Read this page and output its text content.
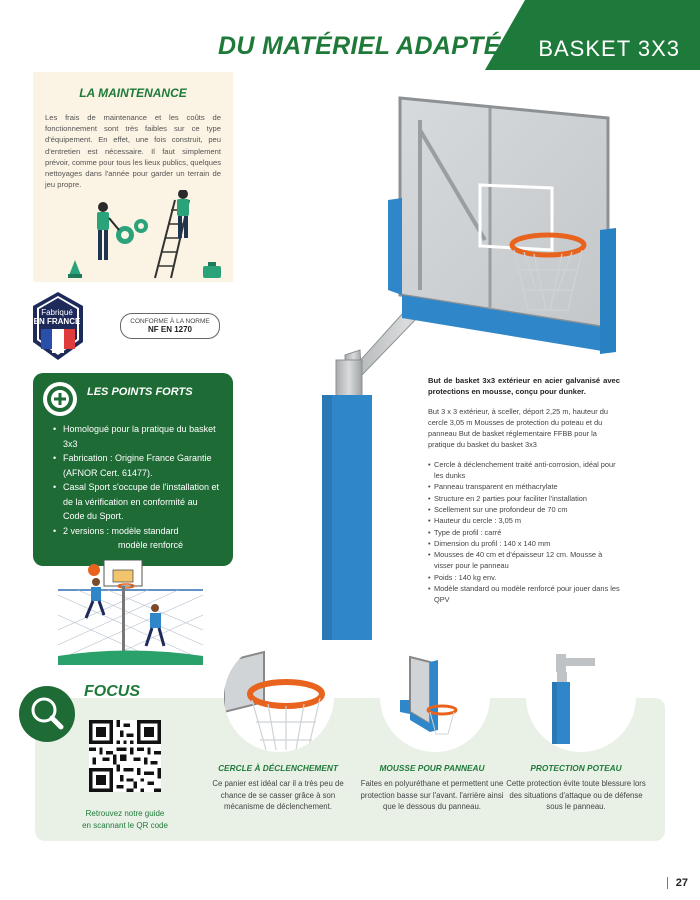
BASKET 3X3
DU MATÉRIEL ADAPTÉ
LA MAINTENANCE

Les frais de maintenance et les coûts de fonctionnement sont très faibles sur ce type d'équipement. En effet, une fois construit, peu d'entretien est nécessaire. Il faut simplement prévoir, comme pour tous les lieux publics, quelques nettoyages dans l'année pour garder un terrain de jeu propre.

Fabriqué
EN FRANCE	CONFORME À LA NORME
NF EN 1270
LES POINTS FORTS
• Homologué pour la pratique du basket 3x3
• Fabrication : Origine France Garantie (AFNOR Cert. 61477).
• Casal Sport s'occupe de l'installation et de la vérification en conformité au Code du Sport.
• 2 versions : modèle standard
modèle renforcé

But de basket 3x3 extérieur en acier galvanisé avec protections en mousse, conçu pour dunker.

But 3 x 3 extérieur, à sceller, déport 2,25 m, hauteur du cercle 3,05 m Mousses de protection du poteau et du panneau But de basket réglementaire FFBB pour la pratique du basket du basket 3x3

• Cercle à déclenchement traité anti-corrosion, idéal pour les dunks
• Panneau transparent en méthacrylate
• Structure en 2 parties pour faciliter l'installation
• Scellement sur une profondeur de 70 cm
• Hauteur du cercle : 3,05 m
• Type de profil : carré
• Dimension du profil : 140 x 140 mm
• Mousses de 40 cm et d'épaisseur 12 cm. Mousse à visser pour le panneau
• Poids : 140 kg env.
• Modèle standard ou modèle renforcé pour jouer dans les QPV
FOCUS
Retrouvez notre guide
en scannant le QR code
CERCLE À DÉCLENCHEMENT
Ce panier est idéal car il a très peu de chance de se casser grâce à son mécanisme de déclenchement.
MOUSSE POUR PANNEAU
Faites en polyuréthane et permettent une protection basse sur l'avant. l'arrière ainsi que le dessous du panneau.
PROTECTION POTEAU
Cette protection évite toute blessure lors des situations d'attaque ou de défense sous le panneau.
27
